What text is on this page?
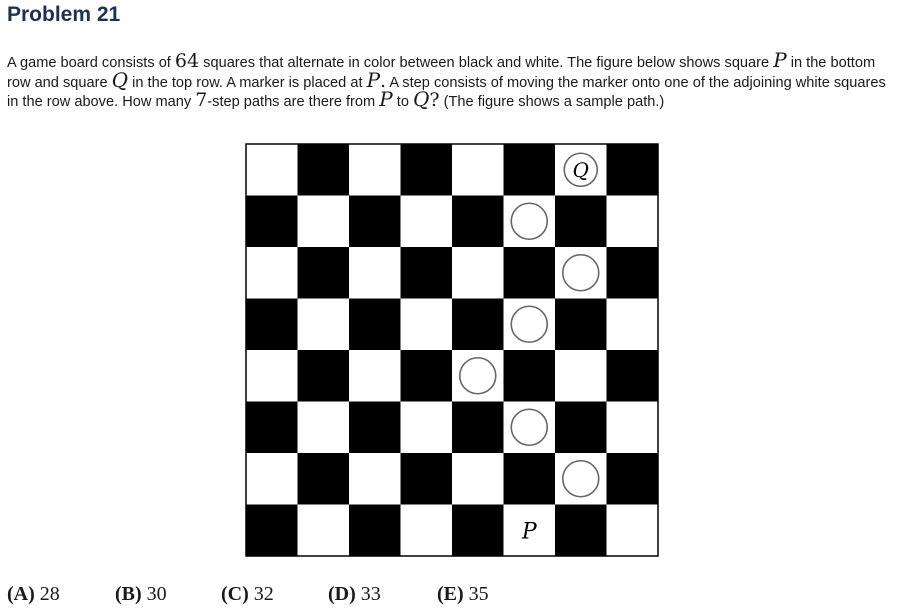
Problem 21

A game board consists of 64 squares that alternate in color between black and white. The figure below shows square P in the bottom row and square Q in the top row. A marker is placed at P. A step consists of moving the marker onto one of the adjoining white squares in the row above. How many 7-step paths are there from P to Q? (The figure shows a sample path.)

Q
P
(A) 28	(B) 30	(C) 32	(D) 33	(E) 35
